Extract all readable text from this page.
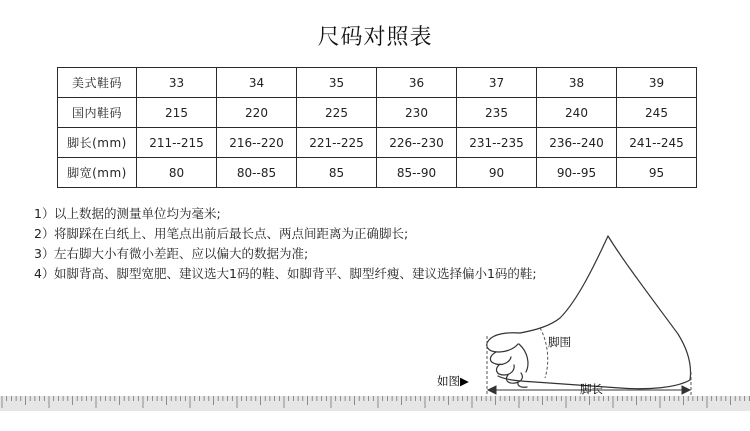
尺码对照表
美式鞋码	33	34	35	36	37	38	39
国内鞋码	215	220	225	230	235	240	245
脚长(mm)	211--215	216--220	221--225	226--230	231--235	236--240	241--245
脚宽(mm)	80	80--85	85	85--90	90	90--95	95
1）以上数据的测量单位均为毫米;
2）将脚踩在白纸上、用笔点出前后最长点、两点间距离为正确脚长;
3）左右脚大小有微小差距、应以偏大的数据为准;
4）如脚背高、脚型宽肥、建议选大1码的鞋、如脚背平、脚型纤瘦、建议选择偏小1码的鞋;
脚围
脚长
如图▶
